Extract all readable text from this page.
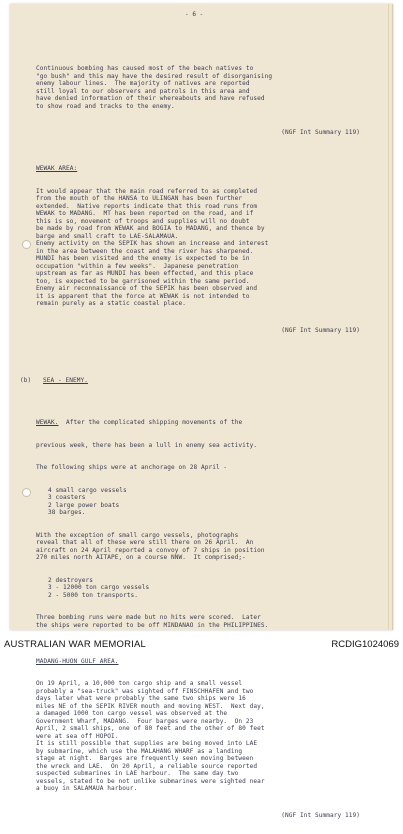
- 6 -

Continuous bombing has caused most of the beach natives to
"go bush" and this may have the desired result of disorganising
enemy labour lines.  The majority of natives are reported
still loyal to our observers and patrols in this area and
have denied information of their whereabouts and have refused
to show road and tracks to the enemy.

(NGF Int Summary 119)

WEWAK AREA:

It would appear that the main road referred to as completed
from the mouth of the HANSA to ULINGAN has been further
extended.  Native reports indicate that this road runs from
WEWAK to MADANG.  MT has been reported on the road, and if
this is so, movement of troops and supplies will no doubt
be made by road from WEWAK and BOGIA to MADANG, and thence by
barge and small craft to LAE-SALAMAUA.
Enemy activity on the SEPIK has shown an increase and interest
in the area between the coast and the river has sharpened.
MUNDI has been visited and the enemy is expected to be in
occupation "within a few weeks".  Japanese penetration
upstream as far as MUNDI has been effected, and this place
too, is expected to be garrisoned within the same period.
Enemy air reconnaissance of the SEPIK has been observed and
it is apparent that the force at WEWAK is not intended to
remain purely as a static coastal place.

(NGF Int Summary 119)

(b) SEA - ENEMY.

WEWAK.  After the complicated shipping movements of the

previous week, there has been a lull in enemy sea activity.

The following ships were at anchorage on 28 April -

4 small cargo vessels
3 coasters
2 large power boats
38 barges.

With the exception of small cargo vessels, photographs
reveal that all of these were still there on 26 April.  An
aircraft on 24 April reported a convoy of 7 ships in position
270 miles north AITAPE, on a course NNW.  It comprised;-

2 destroyers
3 - 12000 ton cargo vessels
2 - 5000 ton transports.

Three bombing runs were made but no hits were scored.  Later
the ships were reported to be off MINDANAO in the PHILIPPINES.

MADANG-HUON GULF AREA.

On 19 April, a 10,000 ton cargo ship and a small vessel
probably a "sea-truck" was sighted off FINSCHHAFEN and two
days later what were probably the same two ships were 16
miles NE of the SEPIK RIVER mouth and moving WEST.  Next day,
a damaged 1000 ton cargo vessel was observed at the
Government Wharf, MADANG.  Four barges were nearby.  On 23
April, 2 small ships, one of 80 feet and the other of 80 feet
were at sea off HOPOI.
It is still possible that supplies are being moved into LAE
by submarine, which use the MALAHANG WHARF as a landing
stage at night.  Barges are frequently seen moving between
the wreck and LAE.  On 20 April, a reliable source reported
suspected submarines in LAE harbour.  The same day two
vessels, stated to be not unlike submarines were sighted near
a buoy in SALAMAUA harbour.

(NGF Int Summary 119)

AUSTRALIAN WAR MEMORIAL	RCDIG1024069
